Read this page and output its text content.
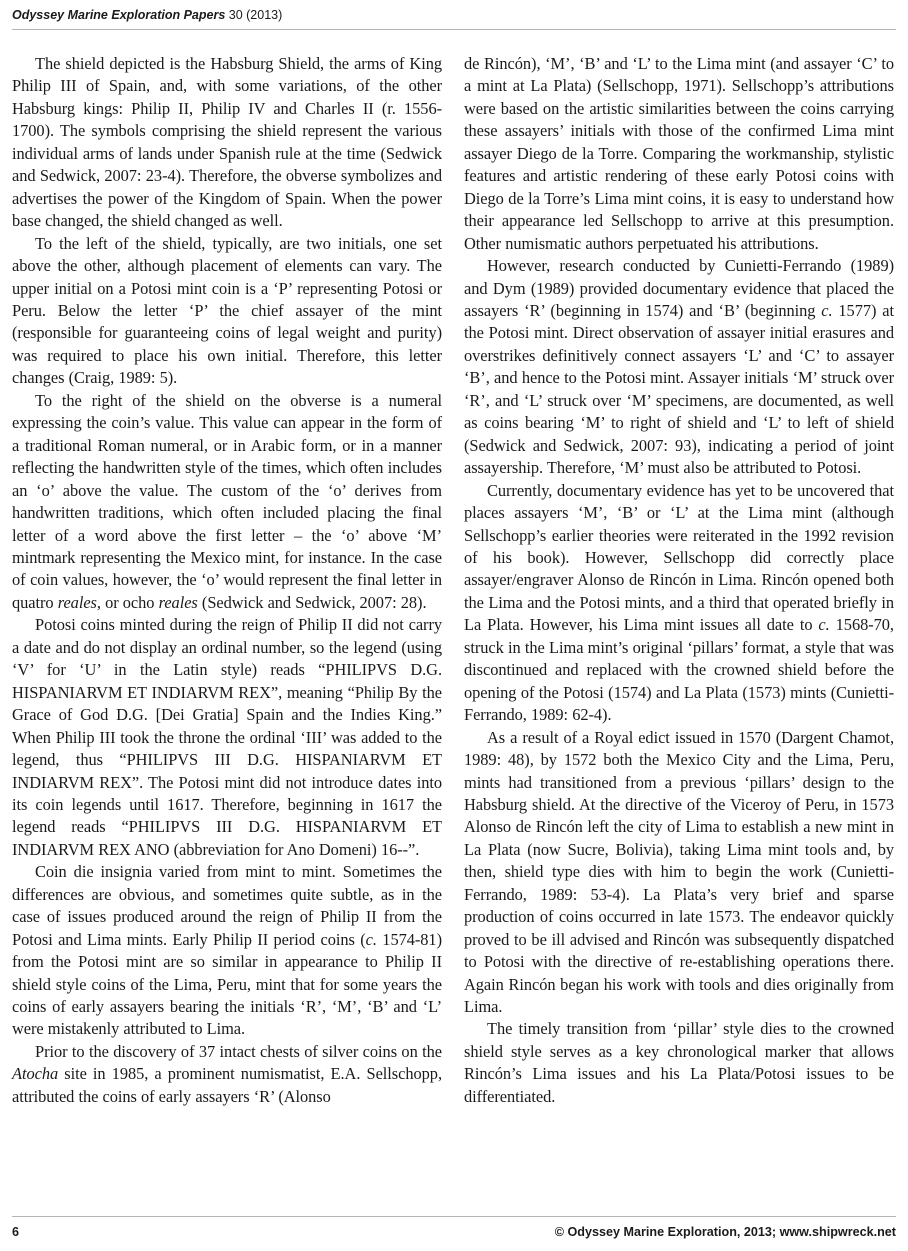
Odyssey Marine Exploration Papers 30 (2013)

The shield depicted is the Habsburg Shield, the arms of King Philip III of Spain, and, with some variations, of the other Habsburg kings: Philip II, Philip IV and Charles II (r. 1556-1700). The symbols comprising the shield represent the various individual arms of lands under Spanish rule at the time (Sedwick and Sedwick, 2007: 23-4). Therefore, the obverse symbolizes and advertises the power of the Kingdom of Spain. When the power base changed, the shield changed as well.

To the left of the shield, typically, are two initials, one set above the other, although placement of elements can vary. The upper initial on a Potosi mint coin is a ‘P’ representing Potosi or Peru. Below the letter ‘P’ the chief assayer of the mint (responsible for guaranteeing coins of legal weight and purity) was required to place his own initial. Therefore, this letter changes (Craig, 1989: 5).

To the right of the shield on the obverse is a numeral expressing the coin’s value. This value can appear in the form of a traditional Roman numeral, or in Arabic form, or in a manner reflecting the handwritten style of the times, which often includes an ‘o’ above the value. The custom of the ‘o’ derives from handwritten traditions, which often included placing the final letter of a word above the first letter – the ‘o’ above ‘M’ mintmark representing the Mexico mint, for instance. In the case of coin values, however, the ‘o’ would represent the final letter in quatro reales, or ocho reales (Sedwick and Sedwick, 2007: 28).

Potosi coins minted during the reign of Philip II did not carry a date and do not display an ordinal number, so the legend (using ‘V’ for ‘U’ in the Latin style) reads “PHILIPVS D.G. HISPANIARVM ET INDIARVM REX”, meaning “Philip By the Grace of God D.G. [Dei Gratia] Spain and the Indies King.” When Philip III took the throne the ordinal ‘III’ was added to the legend, thus “PHILIPVS III D.G. HISPANIARVM ET INDIARVM REX”. The Potosi mint did not introduce dates into its coin legends until 1617. Therefore, beginning in 1617 the legend reads “PHILIPVS III D.G. HISPANIARVM ET INDIARVM REX ANO (abbreviation for Ano Domeni) 16--”.

Coin die insignia varied from mint to mint. Sometimes the differences are obvious, and sometimes quite subtle, as in the case of issues produced around the reign of Philip II from the Potosi and Lima mints. Early Philip II period coins (c. 1574-81) from the Potosi mint are so similar in appearance to Philip II shield style coins of the Lima, Peru, mint that for some years the coins of early assayers bearing the initials ‘R’, ‘M’, ‘B’ and ‘L’ were mistakenly attributed to Lima.

Prior to the discovery of 37 intact chests of silver coins on the Atocha site in 1985, a prominent numismatist, E.A. Sellschopp, attributed the coins of early assayers ‘R’ (Alonso

de Rincón), ‘M’, ‘B’ and ‘L’ to the Lima mint (and assayer ‘C’ to a mint at La Plata) (Sellschopp, 1971). Sellschopp’s attributions were based on the artistic similarities between the coins carrying these assayers’ initials with those of the confirmed Lima mint assayer Diego de la Torre. Comparing the workmanship, stylistic features and artistic rendering of these early Potosi coins with Diego de la Torre’s Lima mint coins, it is easy to understand how their appearance led Sellschopp to arrive at this presumption. Other numismatic authors perpetuated his attributions.

However, research conducted by Cunietti-Ferrando (1989) and Dym (1989) provided documentary evidence that placed the assayers ‘R’ (beginning in 1574) and ‘B’ (beginning c. 1577) at the Potosi mint. Direct observation of assayer initial erasures and overstrikes definitively connect assayers ‘L’ and ‘C’ to assayer ‘B’, and hence to the Potosi mint. Assayer initials ‘M’ struck over ‘R’, and ‘L’ struck over ‘M’ specimens, are documented, as well as coins bearing ‘M’ to right of shield and ‘L’ to left of shield (Sedwick and Sedwick, 2007: 93), indicating a period of joint assayership. Therefore, ‘M’ must also be attributed to Potosi.

Currently, documentary evidence has yet to be uncovered that places assayers ‘M’, ‘B’ or ‘L’ at the Lima mint (although Sellschopp’s earlier theories were reiterated in the 1992 revision of his book). However, Sellschopp did correctly place assayer/engraver Alonso de Rincón in Lima. Rincón opened both the Lima and the Potosi mints, and a third that operated briefly in La Plata. However, his Lima mint issues all date to c. 1568-70, struck in the Lima mint’s original ‘pillars’ format, a style that was discontinued and replaced with the crowned shield before the opening of the Potosi (1574) and La Plata (1573) mints (Cunietti-Ferrando, 1989: 62-4).

As a result of a Royal edict issued in 1570 (Dargent Chamot, 1989: 48), by 1572 both the Mexico City and the Lima, Peru, mints had transitioned from a previous ‘pillars’ design to the Habsburg shield. At the directive of the Viceroy of Peru, in 1573 Alonso de Rincón left the city of Lima to establish a new mint in La Plata (now Sucre, Bolivia), taking Lima mint tools and, by then, shield type dies with him to begin the work (Cunietti-Ferrando, 1989: 53-4). La Plata’s very brief and sparse production of coins occurred in late 1573. The endeavor quickly proved to be ill advised and Rincón was subsequently dispatched to Potosi with the directive of re-establishing operations there. Again Rincón began his work with tools and dies originally from Lima.

The timely transition from ‘pillar’ style dies to the crowned shield style serves as a key chronological marker that allows Rincón’s Lima issues and his La Plata/Potosi issues to be differentiated.

6	© Odyssey Marine Exploration, 2013; www.shipwreck.net
